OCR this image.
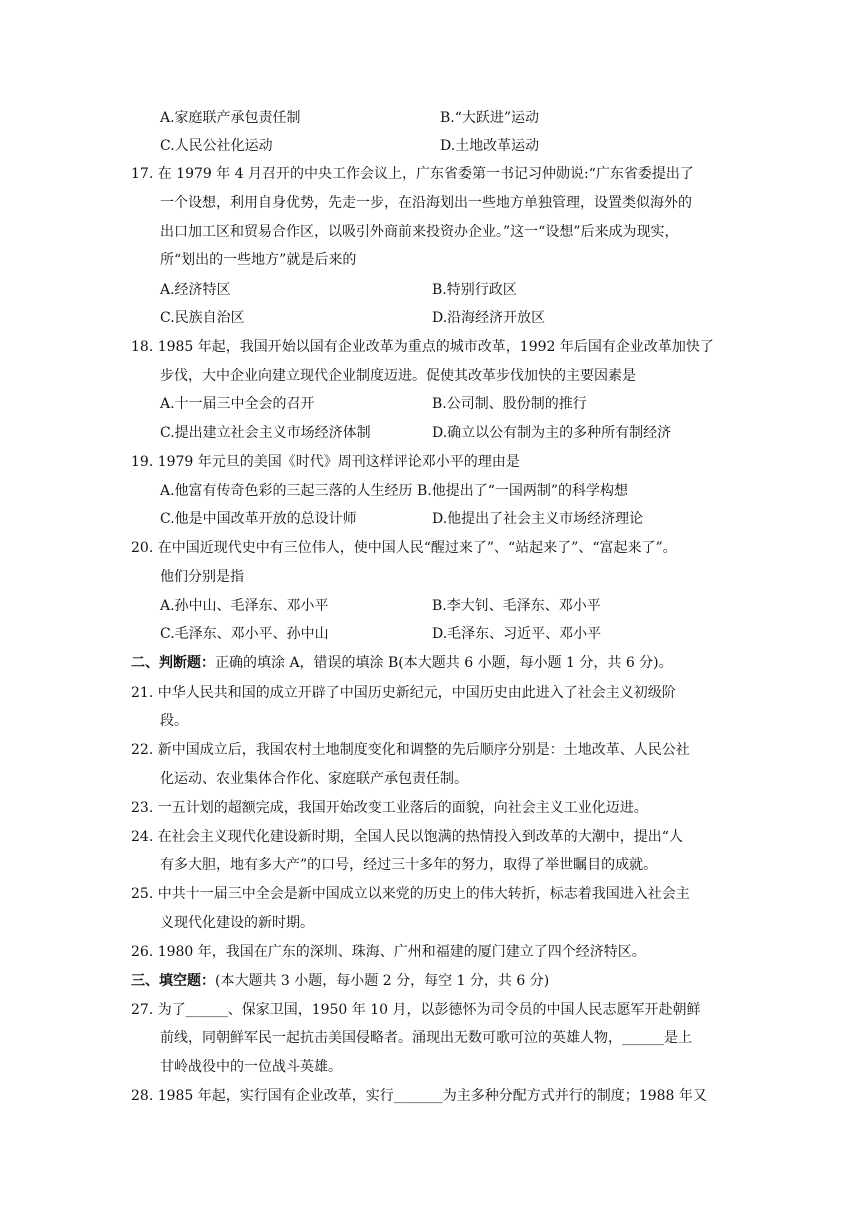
A.家庭联产承包责任制	B.“大跃进”运动
C.人民公社化运动	D.土地改革运动
17. 在 1979 年 4 月召开的中央工作会议上，广东省委第一书记习仲勋说:“广东省委提出了
一个设想，利用自身优势，先走一步，在沿海划出一些地方单独管理，设置类似海外的
出口加工区和贸易合作区，以吸引外商前来投资办企业。”这一“设想”后来成为现实，
所“划出的一些地方”就是后来的
A.经济特区	B.特别行政区
C.民族自治区	D.沿海经济开放区
18. 1985 年起，我国开始以国有企业改革为重点的城市改革，1992 年后国有企业改革加快了
步伐，大中企业向建立现代企业制度迈进。促使其改革步伐加快的主要因素是
A.十一届三中全会的召开	B.公司制、股份制的推行
C.提出建立社会主义市场经济体制	D.确立以公有制为主的多种所有制经济
19. 1979 年元旦的美国《时代》周刊这样评论邓小平的理由是
A.他富有传奇色彩的三起三落的人生经历 B.他提出了“一国两制”的科学构想
C.他是中国改革开放的总设计师	D.他提出了社会主义市场经济理论
20. 在中国近现代史中有三位伟人，使中国人民“醒过来了”、“站起来了”、“富起来了”。
他们分别是指
A.孙中山、毛泽东、邓小平	B.李大钊、毛泽东、邓小平
C.毛泽东、邓小平、孙中山	D.毛泽东、习近平、邓小平
二、判断题：正确的填涂 A，错误的填涂 B(本大题共 6 小题，每小题 1 分，共 6 分)。
21. 中华人民共和国的成立开辟了中国历史新纪元，中国历史由此进入了社会主义初级阶
段。
22. 新中国成立后，我国农村土地制度变化和调整的先后顺序分别是：土地改革、人民公社
化运动、农业集体合作化、家庭联产承包责任制。
23. 一五计划的超额完成，我国开始改变工业落后的面貌，向社会主义工业化迈进。
24. 在社会主义现代化建设新时期，全国人民以饱满的热情投入到改革的大潮中，提出“人
有多大胆，地有多大产”的口号，经过三十多年的努力，取得了举世瞩目的成就。
25. 中共十一届三中全会是新中国成立以来党的历史上的伟大转折，标志着我国进入社会主
义现代化建设的新时期。
26. 1980 年，我国在广东的深圳、珠海、广州和福建的厦门建立了四个经济特区。
三、填空题：(本大题共 3 小题，每小题 2 分，每空 1 分，共 6 分)
27. 为了______、保家卫国，1950 年 10 月，以彭德怀为司令员的中国人民志愿军开赴朝鲜
前线，同朝鲜军民一起抗击美国侵略者。涌现出无数可歌可泣的英雄人物，______是上
甘岭战役中的一位战斗英雄。
28. 1985 年起，实行国有企业改革，实行_______为主多种分配方式并行的制度；1988 年又
